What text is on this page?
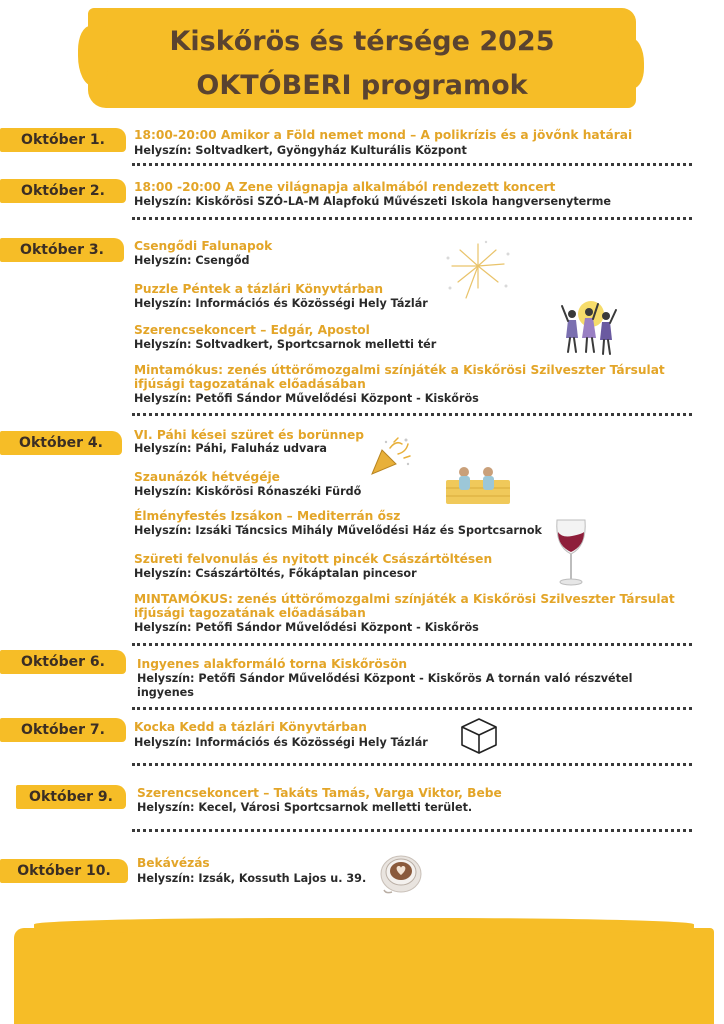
Kiskőrös és térsége 2025
OKTÓBERI programok
Október 1.	18:00-20:00 Amikor a Föld nemet mond – A polikrízis és a jövőnk határai
Helyszín: Soltvadkert, Gyöngyház Kulturális Központ
Október 2.	18:00 -20:00 A Zene világnapja alkalmából rendezett koncert
Helyszín: Kiskőrösi SZÓ-LA-M Alapfokú Művészeti Iskola hangversenyterme
Október 3.	Csengődi Falunapok
Helyszín: Csengőd
Puzzle Péntek a tázlári Könyvtárban
Helyszín: Információs és Közösségi Hely Tázlár
Szerencsekoncert – Edgár, Apostol
Helyszín: Soltvadkert, Sportcsarnok melletti tér
Mintamókus: zenés úttörőmozgalmi színjáték a Kiskőrösi Szilveszter Társulat
ifjúsági tagozatának előadásában
Helyszín: Petőfi Sándor Művelődési Központ - Kiskőrös
Október 4.	VI. Páhi kései szüret és borünnep
Helyszín: Páhi, Faluház udvara
Szaunázók hétvégéje
Helyszín: Kiskőrösi Rónaszéki Fürdő
Élményfestés Izsákon – Mediterrán ősz
Helyszín: Izsáki Táncsics Mihály Művelődési Ház és Sportcsarnok
Szüreti felvonulás és nyitott pincék Császártöltésen
Helyszín: Császártöltés, Főkáptalan pincesor
MINTAMÓKUS: zenés úttörőmozgalmi színjáték a Kiskőrösi Szilveszter Társulat
ifjúsági tagozatának előadásában
Helyszín: Petőfi Sándor Művelődési Központ - Kiskőrös
Október 6.	Ingyenes alakformáló torna Kiskőrösön
Helyszín: Petőfi Sándor Művelődési Központ - Kiskőrös A tornán való részvétel
ingyenes
Október 7.	Kocka Kedd a tázlári Könyvtárban
Helyszín: Információs és Közösségi Hely Tázlár
Október 9.	Szerencsekoncert – Takáts Tamás, Varga Viktor, Bebe
Helyszín: Kecel, Városi Sportcsarnok melletti terület.
Október 10.	Bekávézás
Helyszín: Izsák, Kossuth Lajos u. 39.
